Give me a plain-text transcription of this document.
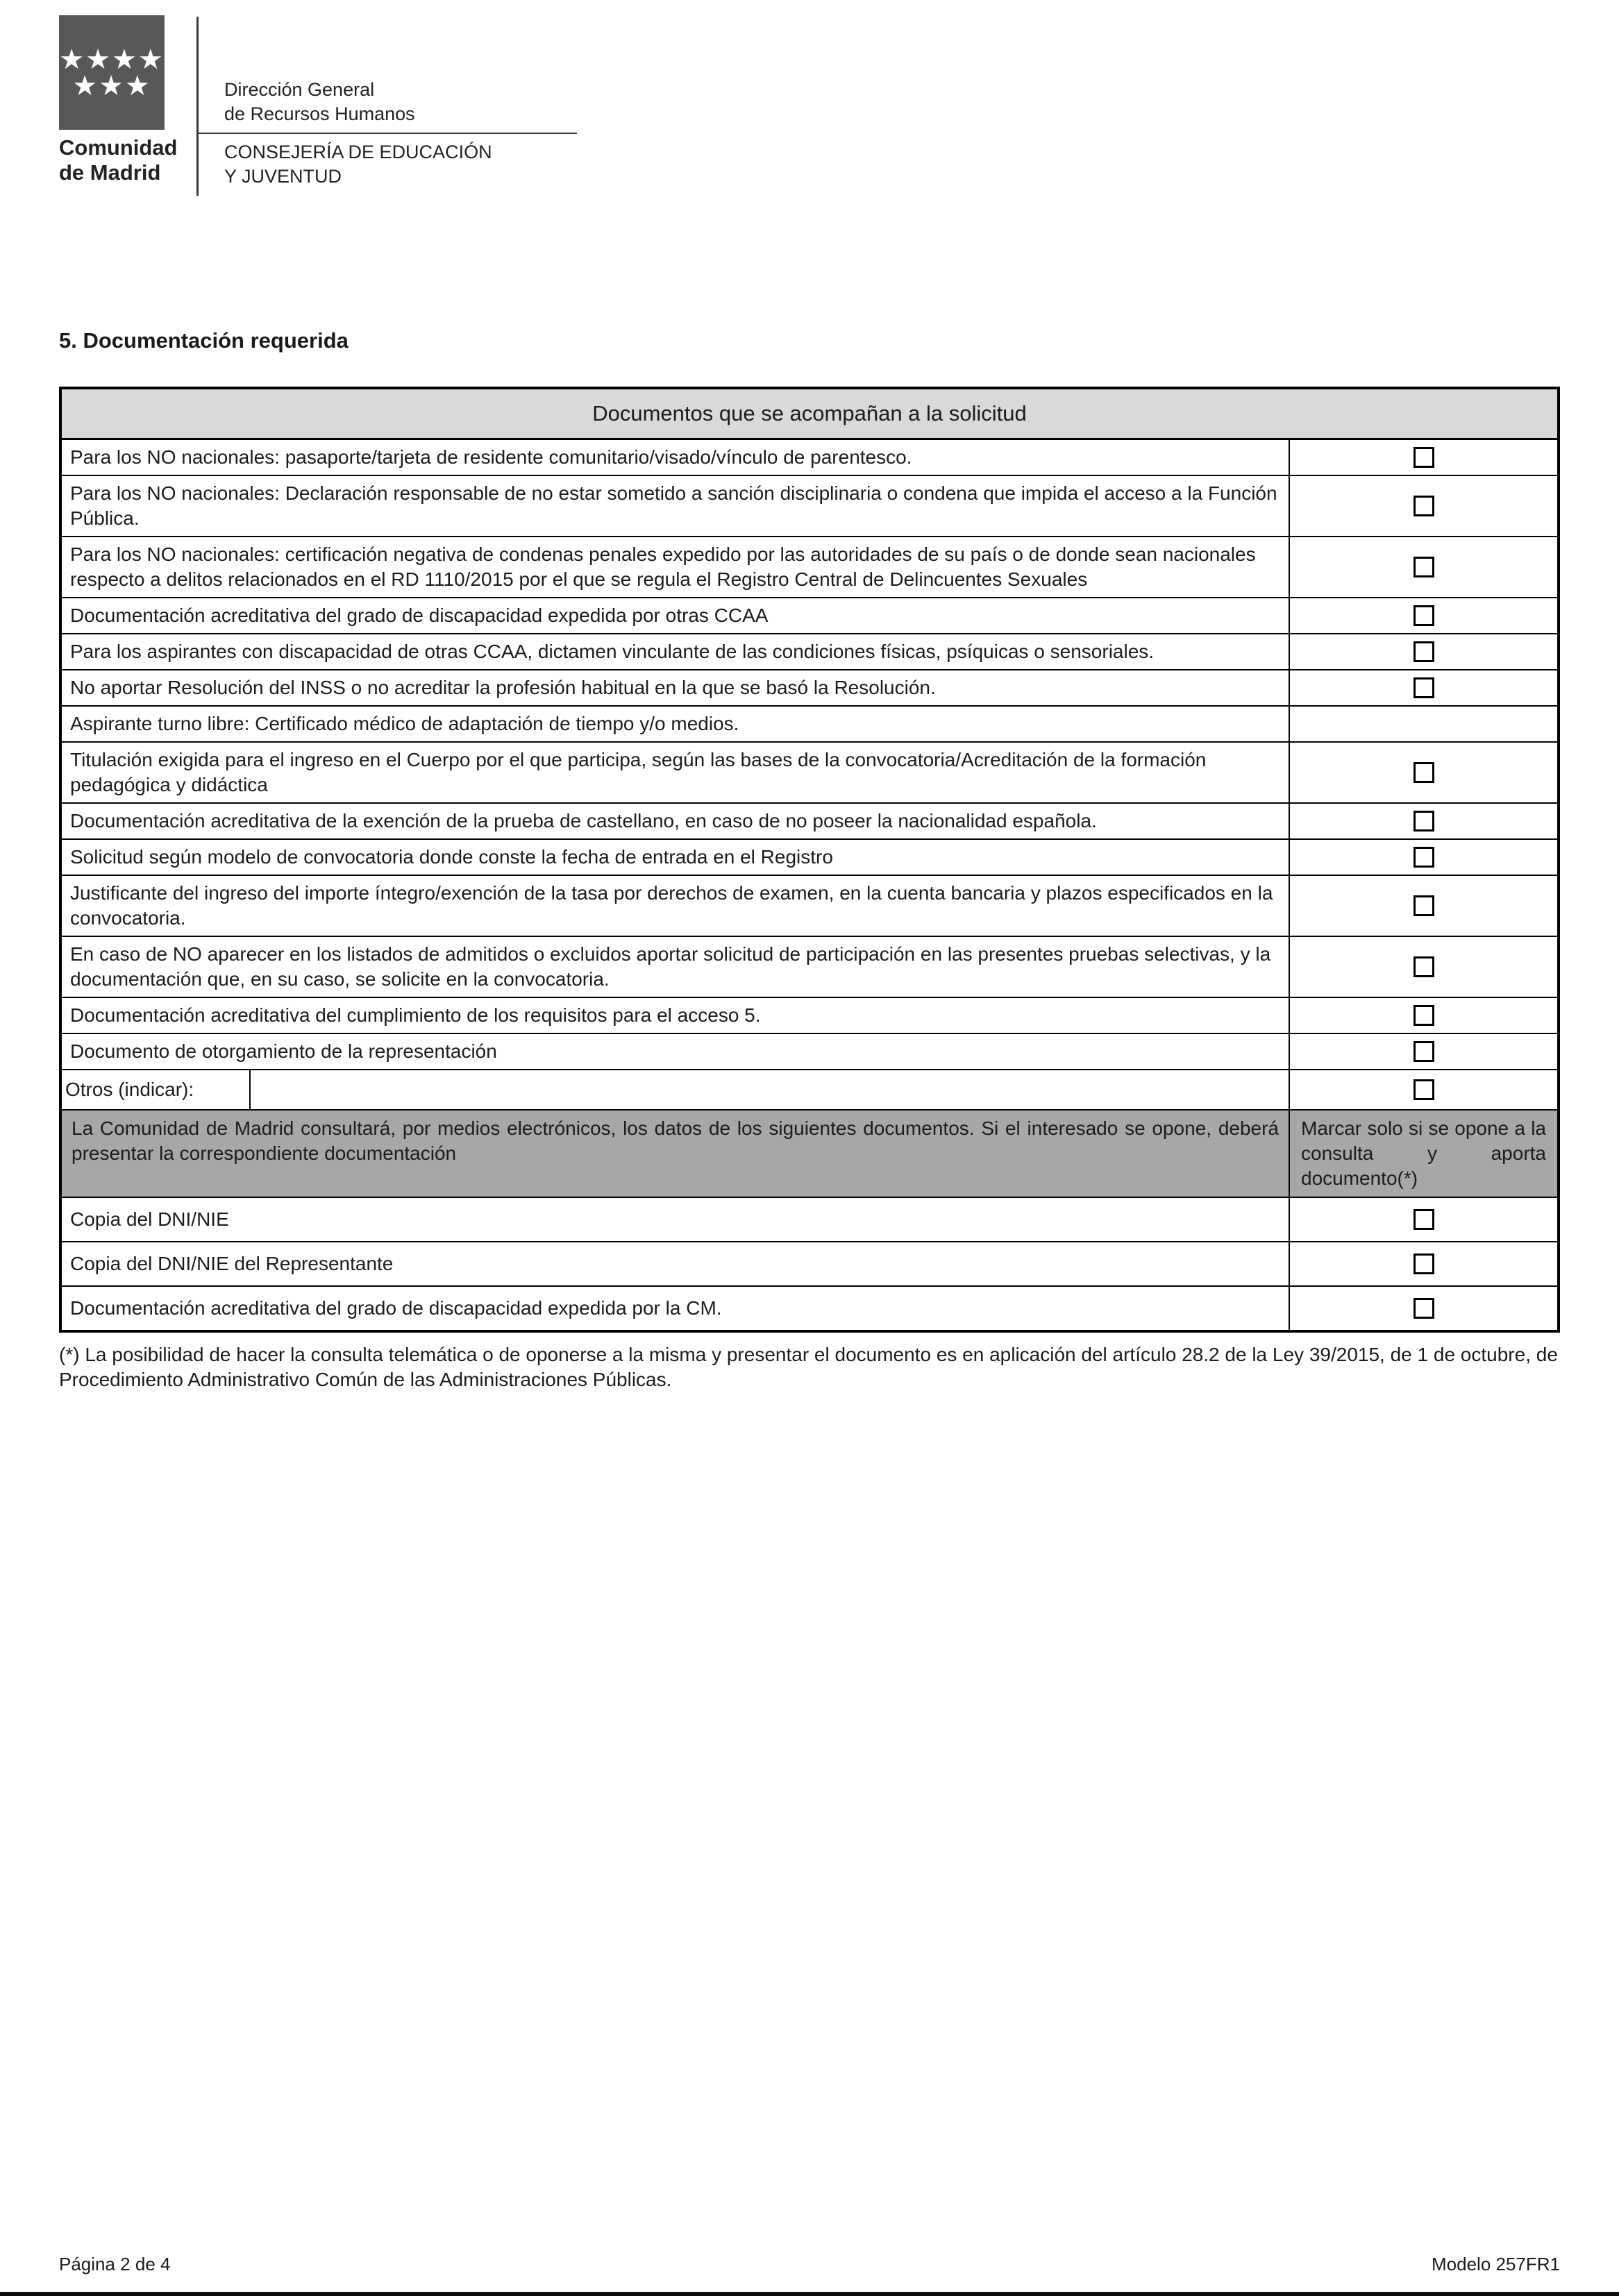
★★★★
★★★
Comunidad
de Madrid
Dirección General
de Recursos Humanos
CONSEJERÍA DE EDUCACIÓN
Y JUVENTUD
5. Documentación requerida
Documentos que se acompañan a la solicitud
Para los NO nacionales: pasaporte/tarjeta de residente comunitario/visado/vínculo de parentesco.
Para los NO nacionales: Declaración responsable de no estar sometido a sanción disciplinaria o condena que impida el acceso a la Función Pública.
Para los NO nacionales: certificación negativa de condenas penales expedido por las autoridades de su país o de donde sean nacionales respecto a delitos relacionados en el RD 1110/2015 por el que se regula el Registro Central de Delincuentes Sexuales
Documentación acreditativa del grado de discapacidad expedida por otras CCAA
Para los aspirantes con discapacidad de otras CCAA, dictamen vinculante de las condiciones físicas, psíquicas o sensoriales.
No aportar Resolución del INSS o no acreditar la profesión habitual en la que se basó la Resolución.
Aspirante turno libre: Certificado médico de adaptación de tiempo y/o medios.
Titulación exigida para el ingreso en el Cuerpo por el que participa, según las bases de la convocatoria/Acreditación de la formación pedagógica y didáctica
Documentación acreditativa de la exención de la prueba de castellano, en caso de no poseer la nacionalidad española.
Solicitud según modelo de convocatoria donde conste la fecha de entrada en el Registro
Justificante del ingreso del importe íntegro/exención de la tasa por derechos de examen, en la cuenta bancaria y plazos especificados en la convocatoria.
En caso de NO aparecer en los listados de admitidos o excluidos aportar solicitud de participación en las presentes pruebas selectivas, y la documentación que, en su caso, se solicite en la convocatoria.
Documentación acreditativa del cumplimiento de los requisitos para el acceso 5.
Documento de otorgamiento de la representación
Otros (indicar):
La Comunidad de Madrid consultará, por medios electrónicos, los datos de los siguientes documentos. Si el interesado se opone, deberá presentar la correspondiente documentación
Marcar solo si se opone a la consulta y aporta documento(*)
Copia del DNI/NIE
Copia del DNI/NIE del Representante
Documentación acreditativa del grado de discapacidad expedida por la CM.

(*) La posibilidad de hacer la consulta telemática o de oponerse a la misma y presentar el documento es en aplicación del artículo 28.2 de la Ley 39/2015, de 1 de octubre, de Procedimiento Administrativo Común de las Administraciones Públicas.

Página 2 de 4	Modelo 257FR1
